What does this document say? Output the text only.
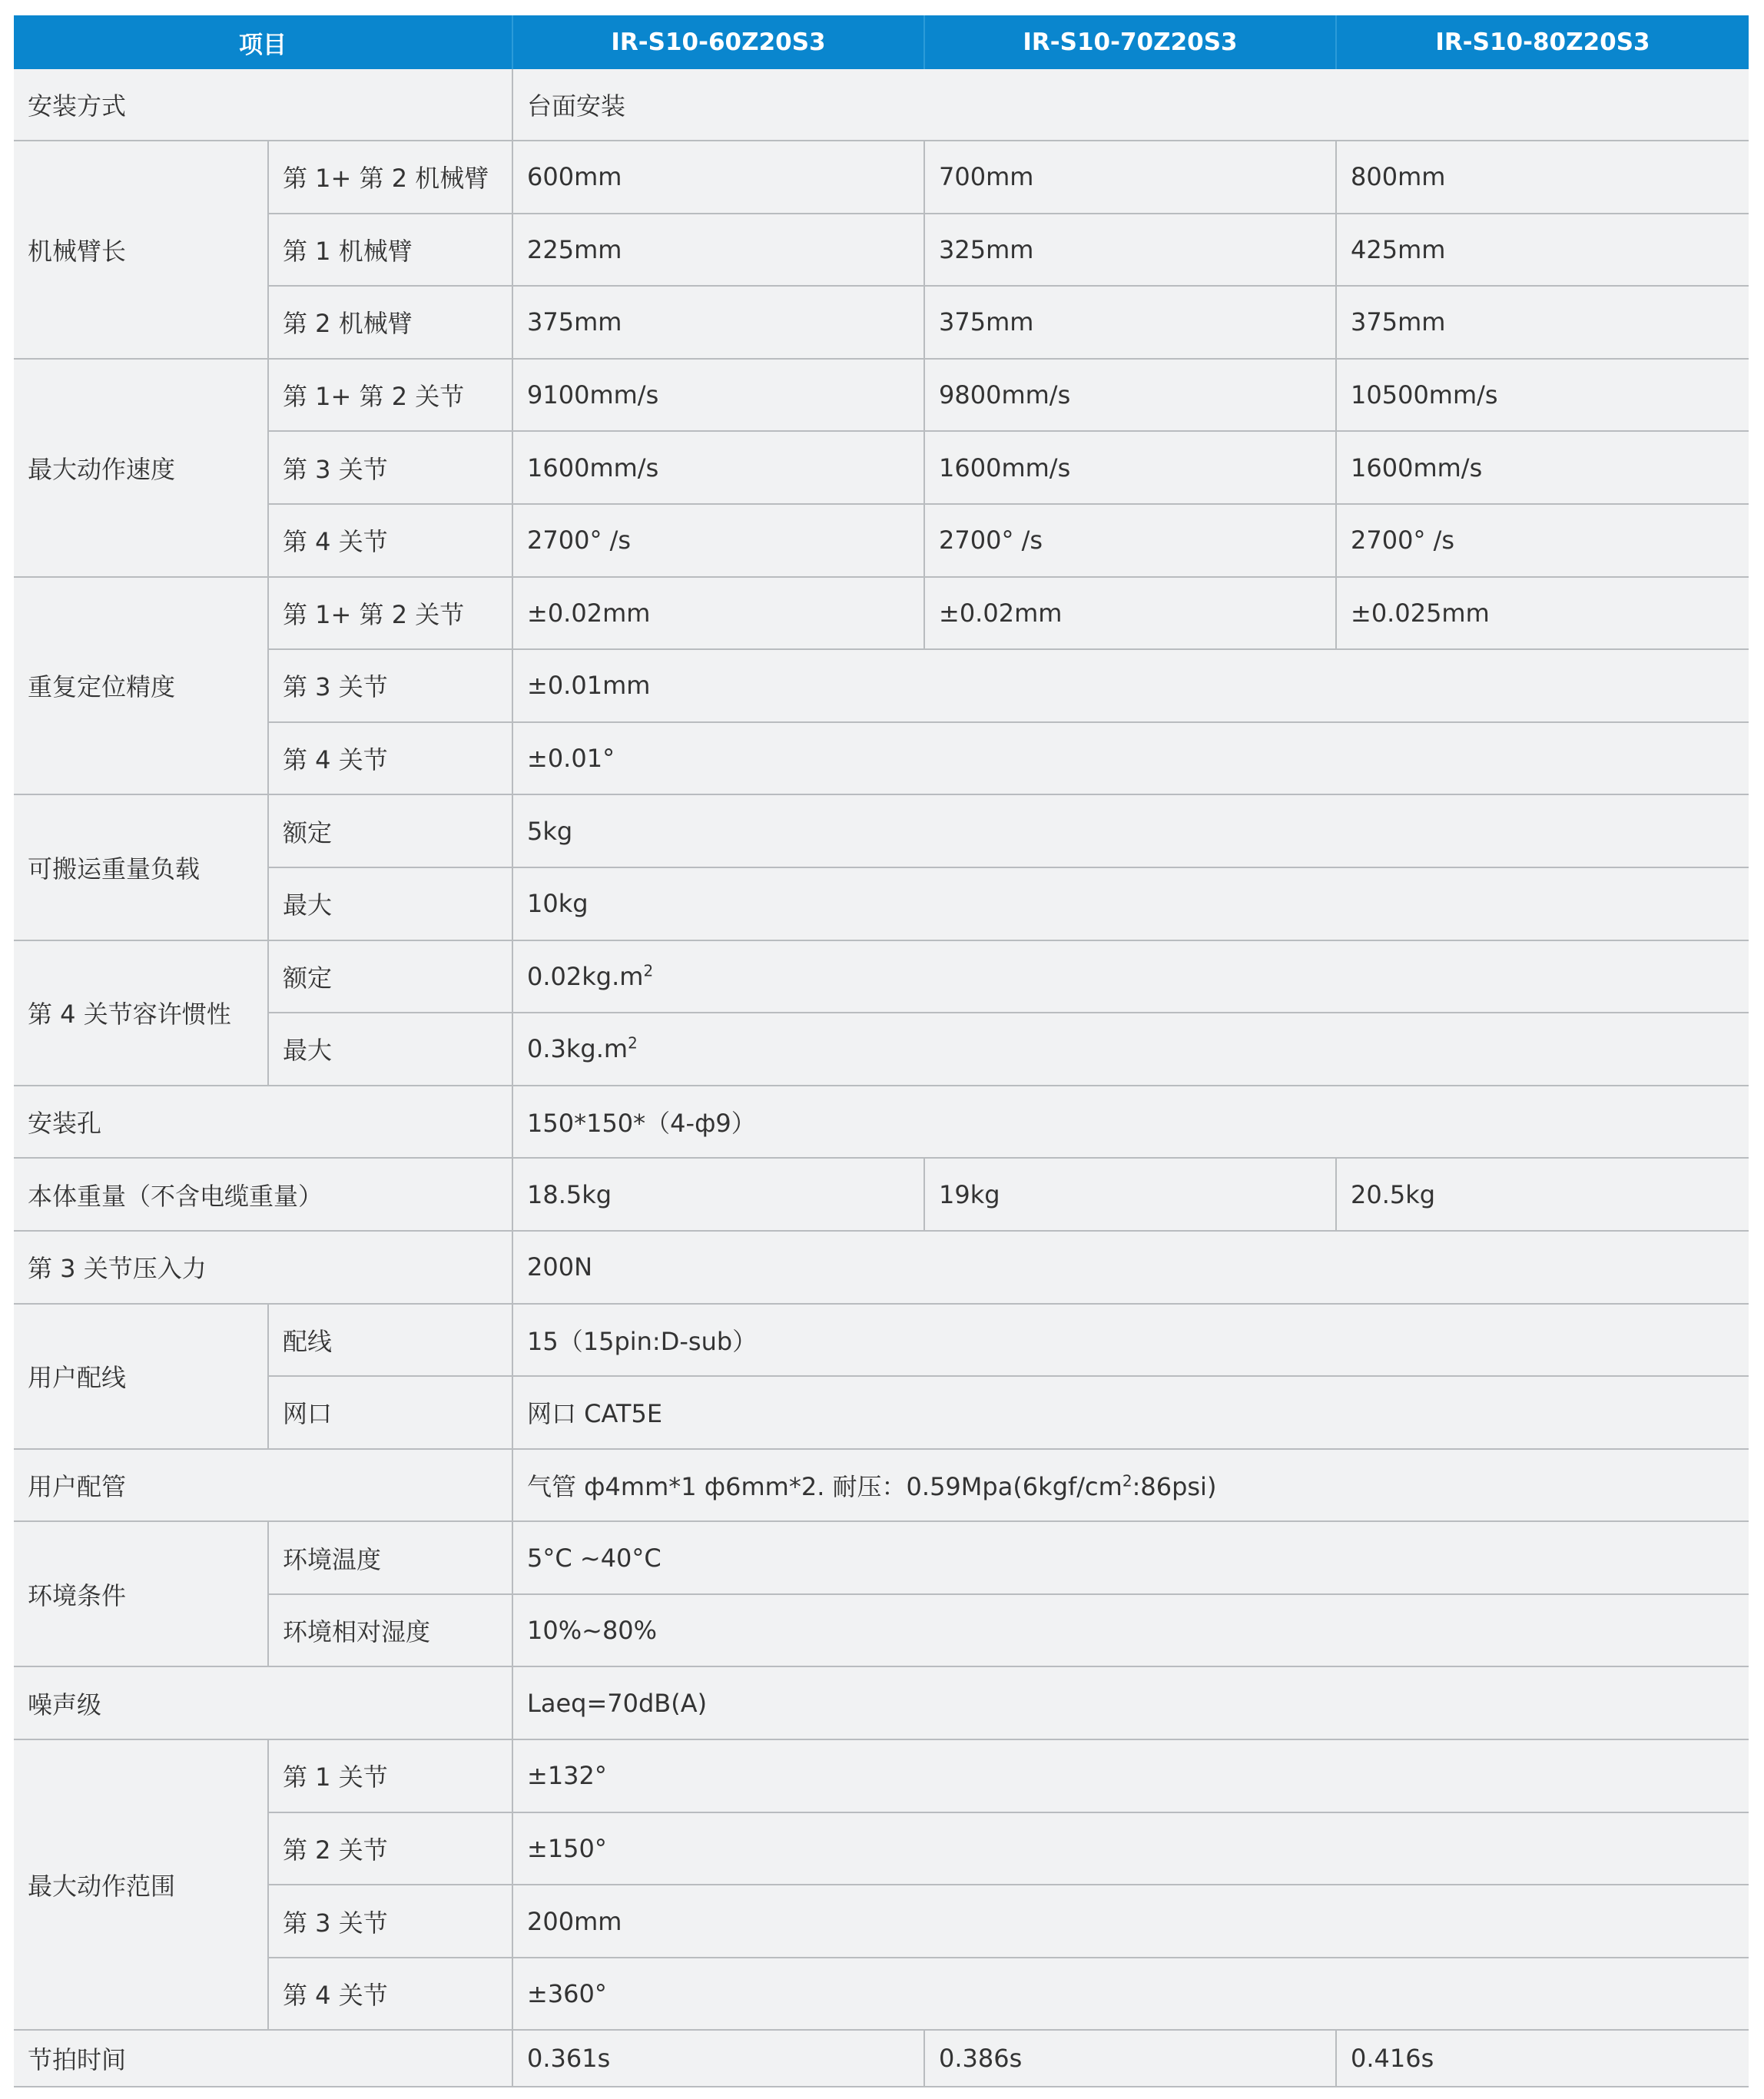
项目		IR-S10-60Z20S3	IR-S10-70Z20S3	IR-S10-80Z20S3
安装方式		台面安装		
机械臂长	第 1+ 第 2 机械臂	600mm	700mm	800mm
	第 1 机械臂	225mm	325mm	425mm
	第 2 机械臂	375mm	375mm	375mm
最大动作速度	第 1+ 第 2 关节	9100mm/s	9800mm/s	10500mm/s
	第 3 关节	1600mm/s	1600mm/s	1600mm/s
	第 4 关节	2700° /s	2700° /s	2700° /s
重复定位精度	第 1+ 第 2 关节	±0.02mm	±0.02mm	±0.025mm
	第 3 关节	±0.01mm		
	第 4 关节	±0.01°		
可搬运重量负载	额定	5kg		
	最大	10kg		
第 4 关节容许惯性	额定	$0.02kg.m^2$
	最大	$0.3kg.m^2$
安装孔		150*150*（4-ф9）		
本体重量（不含电缆重量）		18.5kg	19kg	20.5kg
第 3 关节压入力		200N		
用户配线	配线	15（15pin:D-sub）		
	网口	网口 CAT5E		
用户配管		气管 ф4mm*1 ф6mm*2. 耐压：$0.59Mpa(6kgf/cm^2:86psi)$		
环境条件	环境温度	5°C ~40°C		
	环境相对湿度	10%~80%		
噪声级		Laeq=70dB(A)		
最大动作范围	第 1 关节	±132°		
	第 2 关节	±150°		
	第 3 关节	200mm		
	第 4 关节	±360°		
节拍时间		0.361s	0.386s	0.416s
